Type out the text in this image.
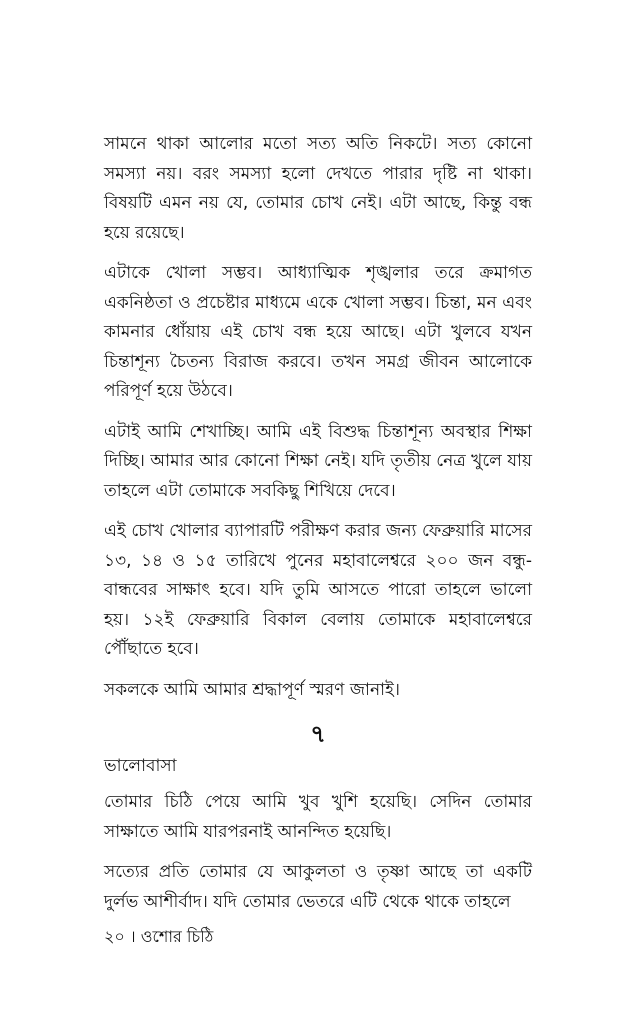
সামনে থাকা আলোর মতো সত্য অতি নিকটে। সত্য কোনো সমস্যা নয়। বরং সমস্যা হলো দেখতে পারার দৃষ্টি না থাকা। বিষয়টি এমন নয় যে, তোমার চোখ নেই। এটা আছে, কিন্তু বন্ধ হয়ে রয়েছে।

এটাকে খোলা সম্ভব। আধ্যাত্মিক শৃঙ্খলার তরে ক্রমাগত একনিষ্ঠতা ও প্রচেষ্টার মাধ্যমে একে খোলা সম্ভব। চিন্তা, মন এবং কামনার ধোঁয়ায় এই চোখ বন্ধ হয়ে আছে। এটা খুলবে যখন চিন্তাশূন্য চৈতন্য বিরাজ করবে। তখন সমগ্র জীবন আলোকে পরিপূর্ণ হয়ে উঠবে।

এটাই আমি শেখাচ্ছি। আমি এই বিশুদ্ধ চিন্তাশূন্য অবস্থার শিক্ষা দিচ্ছি। আমার আর কোনো শিক্ষা নেই। যদি তৃতীয় নেত্র খুলে যায় তাহলে এটা তোমাকে সবকিছু শিখিয়ে দেবে।

এই চোখ খোলার ব্যাপারটি পরীক্ষণ করার জন্য ফেব্রুয়ারি মাসের ১৩, ১৪ ও ১৫ তারিখে পুনের মহাবালেশ্বরে ২০০ জন বন্ধু-বান্ধবের সাক্ষাৎ হবে। যদি তুমি আসতে পারো তাহলে ভালো হয়। ১২ই ফেব্রুয়ারি বিকাল বেলায় তোমাকে মহাবালেশ্বরে পৌঁছাতে হবে।

সকলকে আমি আমার শ্রদ্ধাপূর্ণ স্মরণ জানাই।

৭

ভালোবাসা

তোমার চিঠি পেয়ে আমি খুব খুশি হয়েছি। সেদিন তোমার সাক্ষাতে আমি যারপরনাই আনন্দিত হয়েছি।

সত্যের প্রতি তোমার যে আকুলতা ও তৃষ্ণা আছে তা একটি দুর্লভ আশীর্বাদ। যদি তোমার ভেতরে এটি থেকে থাকে তাহলে

২০ । ওশোর চিঠি
